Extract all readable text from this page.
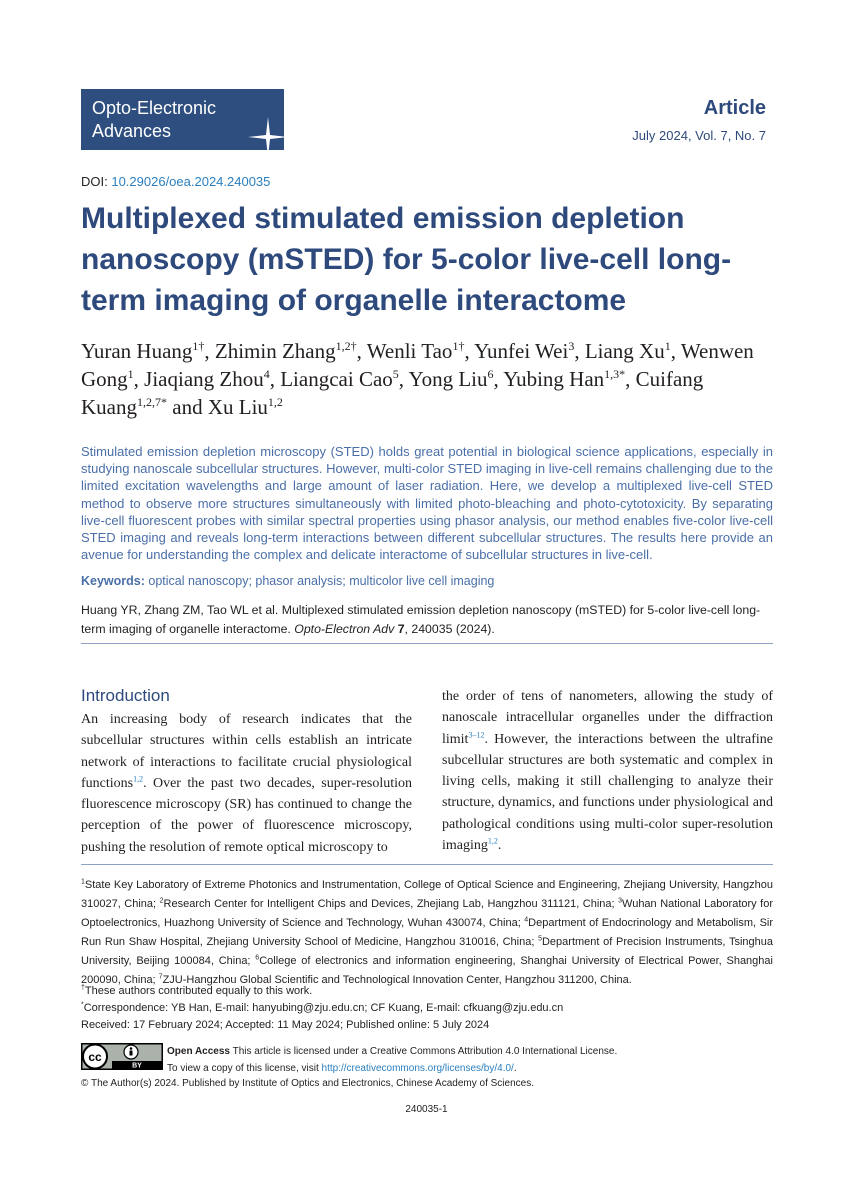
Opto-Electronic
Advances
Article
July 2024, Vol. 7, No. 7
DOI: 10.29026/oea.2024.240035
Multiplexed stimulated emission depletion nanoscopy (mSTED) for 5-color live-cell long-term imaging of organelle interactome
Yuran Huang$^{1\dagger}$, Zhimin Zhang$^{1,2\dagger}$, Wenli Tao$^{1\dagger}$, Yunfei Wei$^3$, Liang Xu$^1$, Wenwen Gong$^1$, Jiaqiang Zhou$^4$, Liangcai Cao$^5$, Yong Liu$^6$, Yubing Han$^{1,3*}$, Cuifang Kuang$^{1,2,7*}$ and Xu Liu$^{1,2}$
Stimulated emission depletion microscopy (STED) holds great potential in biological science applications, especially in studying nanoscale subcellular structures. However, multi-color STED imaging in live-cell remains challenging due to the limited excitation wavelengths and large amount of laser radiation. Here, we develop a multiplexed live-cell STED method to observe more structures simultaneously with limited photo-bleaching and photo-cytotoxicity. By separating live-cell fluorescent probes with similar spectral properties using phasor analysis, our method enables five-color live-cell STED imaging and reveals long-term interactions between different subcellular structures. The results here provide an avenue for understanding the complex and delicate interactome of subcellular structures in live-cell.
Keywords: optical nanoscopy; phasor analysis; multicolor live cell imaging
Huang YR, Zhang ZM, Tao WL et al. Multiplexed stimulated emission depletion nanoscopy (mSTED) for 5-color live-cell long-term imaging of organelle interactome. Opto-Electron Adv 7, 240035 (2024).
Introduction
An increasing body of research indicates that the subcellular structures within cells establish an intricate network of interactions to facilitate crucial physiological functions$^{1,2}$. Over the past two decades, super-resolution fluorescence microscopy (SR) has continued to change the perception of the power of fluorescence microscopy, pushing the resolution of remote optical microscopy to
the order of tens of nanometers, allowing the study of nanoscale intracellular organelles under the diffraction limit$^{3-12}$. However, the interactions between the ultrafine subcellular structures are both systematic and complex in living cells, making it still challenging to analyze their structure, dynamics, and functions under physiological and pathological conditions using multi-color super-resolution imaging$^{1,2}$.
$^1$State Key Laboratory of Extreme Photonics and Instrumentation, College of Optical Science and Engineering, Zhejiang University, Hangzhou 310027, China; $^2$Research Center for Intelligent Chips and Devices, Zhejiang Lab, Hangzhou 311121, China; $^3$Wuhan National Laboratory for Optoelectronics, Huazhong University of Science and Technology, Wuhan 430074, China; $^4$Department of Endocrinology and Metabolism, Sir Run Run Shaw Hospital, Zhejiang University School of Medicine, Hangzhou 310016, China; $^5$Department of Precision Instruments, Tsinghua University, Beijing 100084, China; $^6$College of electronics and information engineering, Shanghai University of Electrical Power, Shanghai 200090, China; $^7$ZJU-Hangzhou Global Scientific and Technological Innovation Center, Hangzhou 311200, China.
†These authors contributed equally to this work.
*Correspondence: YB Han, E-mail: hanyubing@zju.edu.cn; CF Kuang, E-mail: cfkuang@zju.edu.cn
Received: 17 February 2024; Accepted: 11 May 2024; Published online: 5 July 2024
cc
BY
Open Access This article is licensed under a Creative Commons Attribution 4.0 International License.
To view a copy of this license, visit http://creativecommons.org/licenses/by/4.0/.
© The Author(s) 2024. Published by Institute of Optics and Electronics, Chinese Academy of Sciences.
240035-1
